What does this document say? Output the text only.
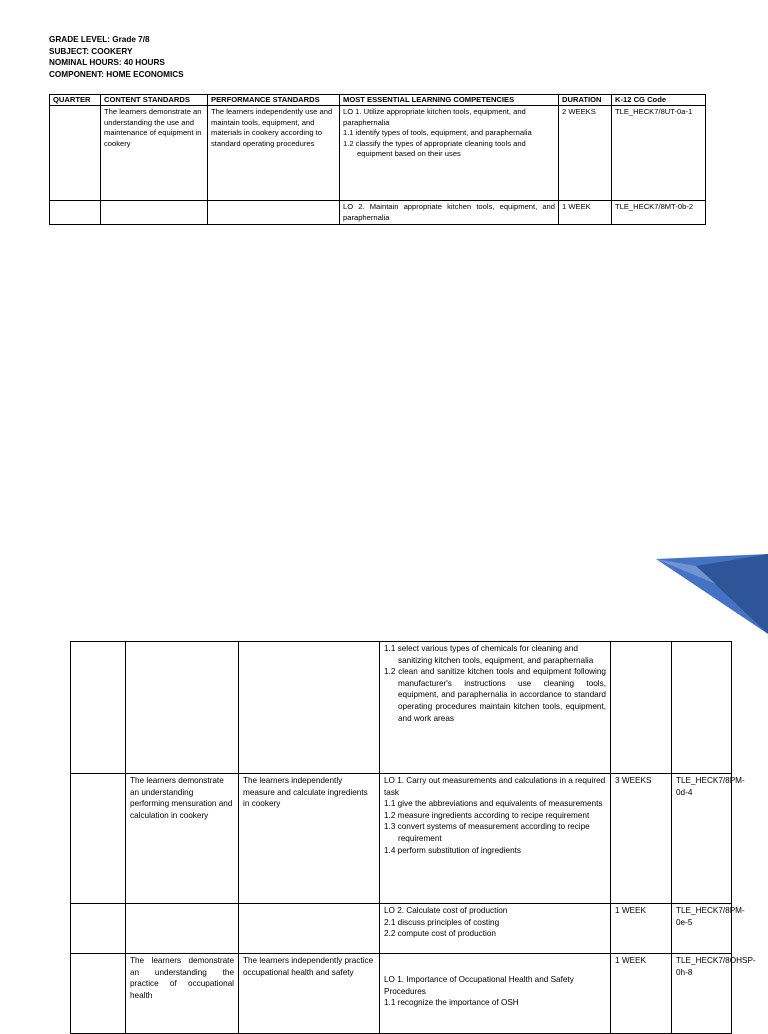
GRADE LEVEL: Grade 7/8
SUBJECT: COOKERY
NOMINAL HOURS: 40 HOURS
COMPONENT: HOME ECONOMICS
QUARTER	CONTENT STANDARDS	PERFORMANCE STANDARDS	MOST ESSENTIAL LEARNING COMPETENCIES	DURATION	K-12 CG Code
	The learners demonstrate an understanding the use and maintenance of equipment in cookery	The learners independently use and maintain tools, equipment, and materials in cookery according to standard operating procedures	LO 1. Utilize appropriate kitchen tools, equipment, and paraphernalia
1.1 identify types of tools, equipment, and paraphernalia
1.2 classify the types of appropriate cleaning tools and equipment based on their uses	2 WEEKS	TLE_HECK7/8UT-0a-1

			LO 2. Maintain appropriate kitchen tools, equipment, and paraphernalia	1 WEEK	TLE_HECK7/8MT-0b-2

			1.1 select various types of chemicals for cleaning and sanitizing kitchen tools, equipment, and paraphernalia
1.2 clean and sanitize kitchen tools and equipment following manufacturer's instructions use cleaning tools, equipment, and paraphernalia in accordance to standard operating procedures maintain kitchen tools, equipment, and work areas		

	The learners demonstrate an understanding performing mensuration and calculation in cookery	The learners independently measure and calculate ingredients in cookery	LO 1. Carry out measurements and calculations in a required task
1.1 give the abbreviations and equivalents of measurements
1.2 measure ingredients according to recipe requirement
1.3 convert systems of measurement according to recipe requirement
1.4 perform substitution of ingredients	3 WEEKS	TLE_HECK7/8PM-0d-4

			LO 2. Calculate cost of production
2.1 discuss principles of costing
2.2 compute cost of production	1 WEEK	TLE_HECK7/8PM-0e-5
	The learners demonstrate an understanding the practice of occupational health	The learners independently practice occupational health and safety	LO 1. Importance of Occupational Health and Safety Procedures
1.1 recognize the importance of OSH	1 WEEK	TLE_HECK7/8OHSP-0h-8
